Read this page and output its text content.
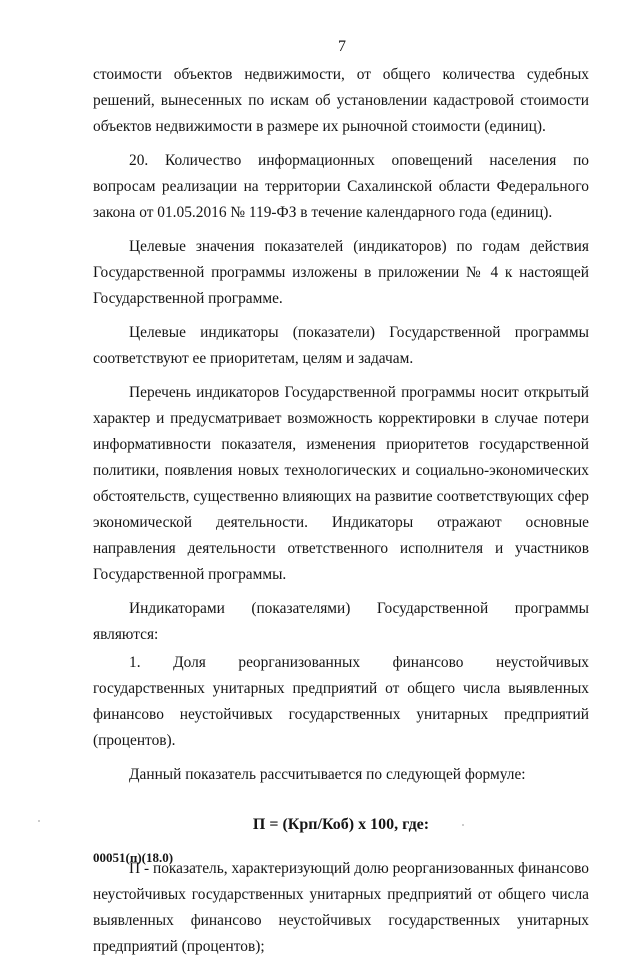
7

стоимости объектов недвижимости, от общего количества судебных решений, вынесенных по искам об установлении кадастровой стоимости объектов недвижимости в размере их рыночной стоимости (единиц).

20. Количество информационных оповещений населения по вопросам реализации на территории Сахалинской области Федерального закона от 01.05.2016 № 119-ФЗ в течение календарного года (единиц).

Целевые значения показателей (индикаторов) по годам действия Государственной программы изложены в приложении № 4 к настоящей Государственной программе.

Целевые индикаторы (показатели) Государственной программы соответствуют ее приоритетам, целям и задачам.

Перечень индикаторов Государственной программы носит открытый характер и предусматривает возможность корректировки в случае потери информативности показателя, изменения приоритетов государственной политики, появления новых технологических и социально-экономических обстоятельств, существенно влияющих на развитие соответствующих сфер экономической деятельности. Индикаторы отражают основные направления деятельности ответственного исполнителя и участников Государственной программы.

Индикаторами (показателями) Государственной программы являются:

1. Доля реорганизованных финансово неустойчивых государственных унитарных предприятий от общего числа выявленных финансово неустойчивых государственных унитарных предприятий (процентов).

Данный показатель рассчитывается по следующей формуле:

П = (Крп/Коб) х 100, где:

П - показатель, характеризующий долю реорганизованных финансово неустойчивых государственных унитарных предприятий от общего числа выявленных финансово неустойчивых государственных унитарных предприятий (процентов);

00051(п)(18.0)
